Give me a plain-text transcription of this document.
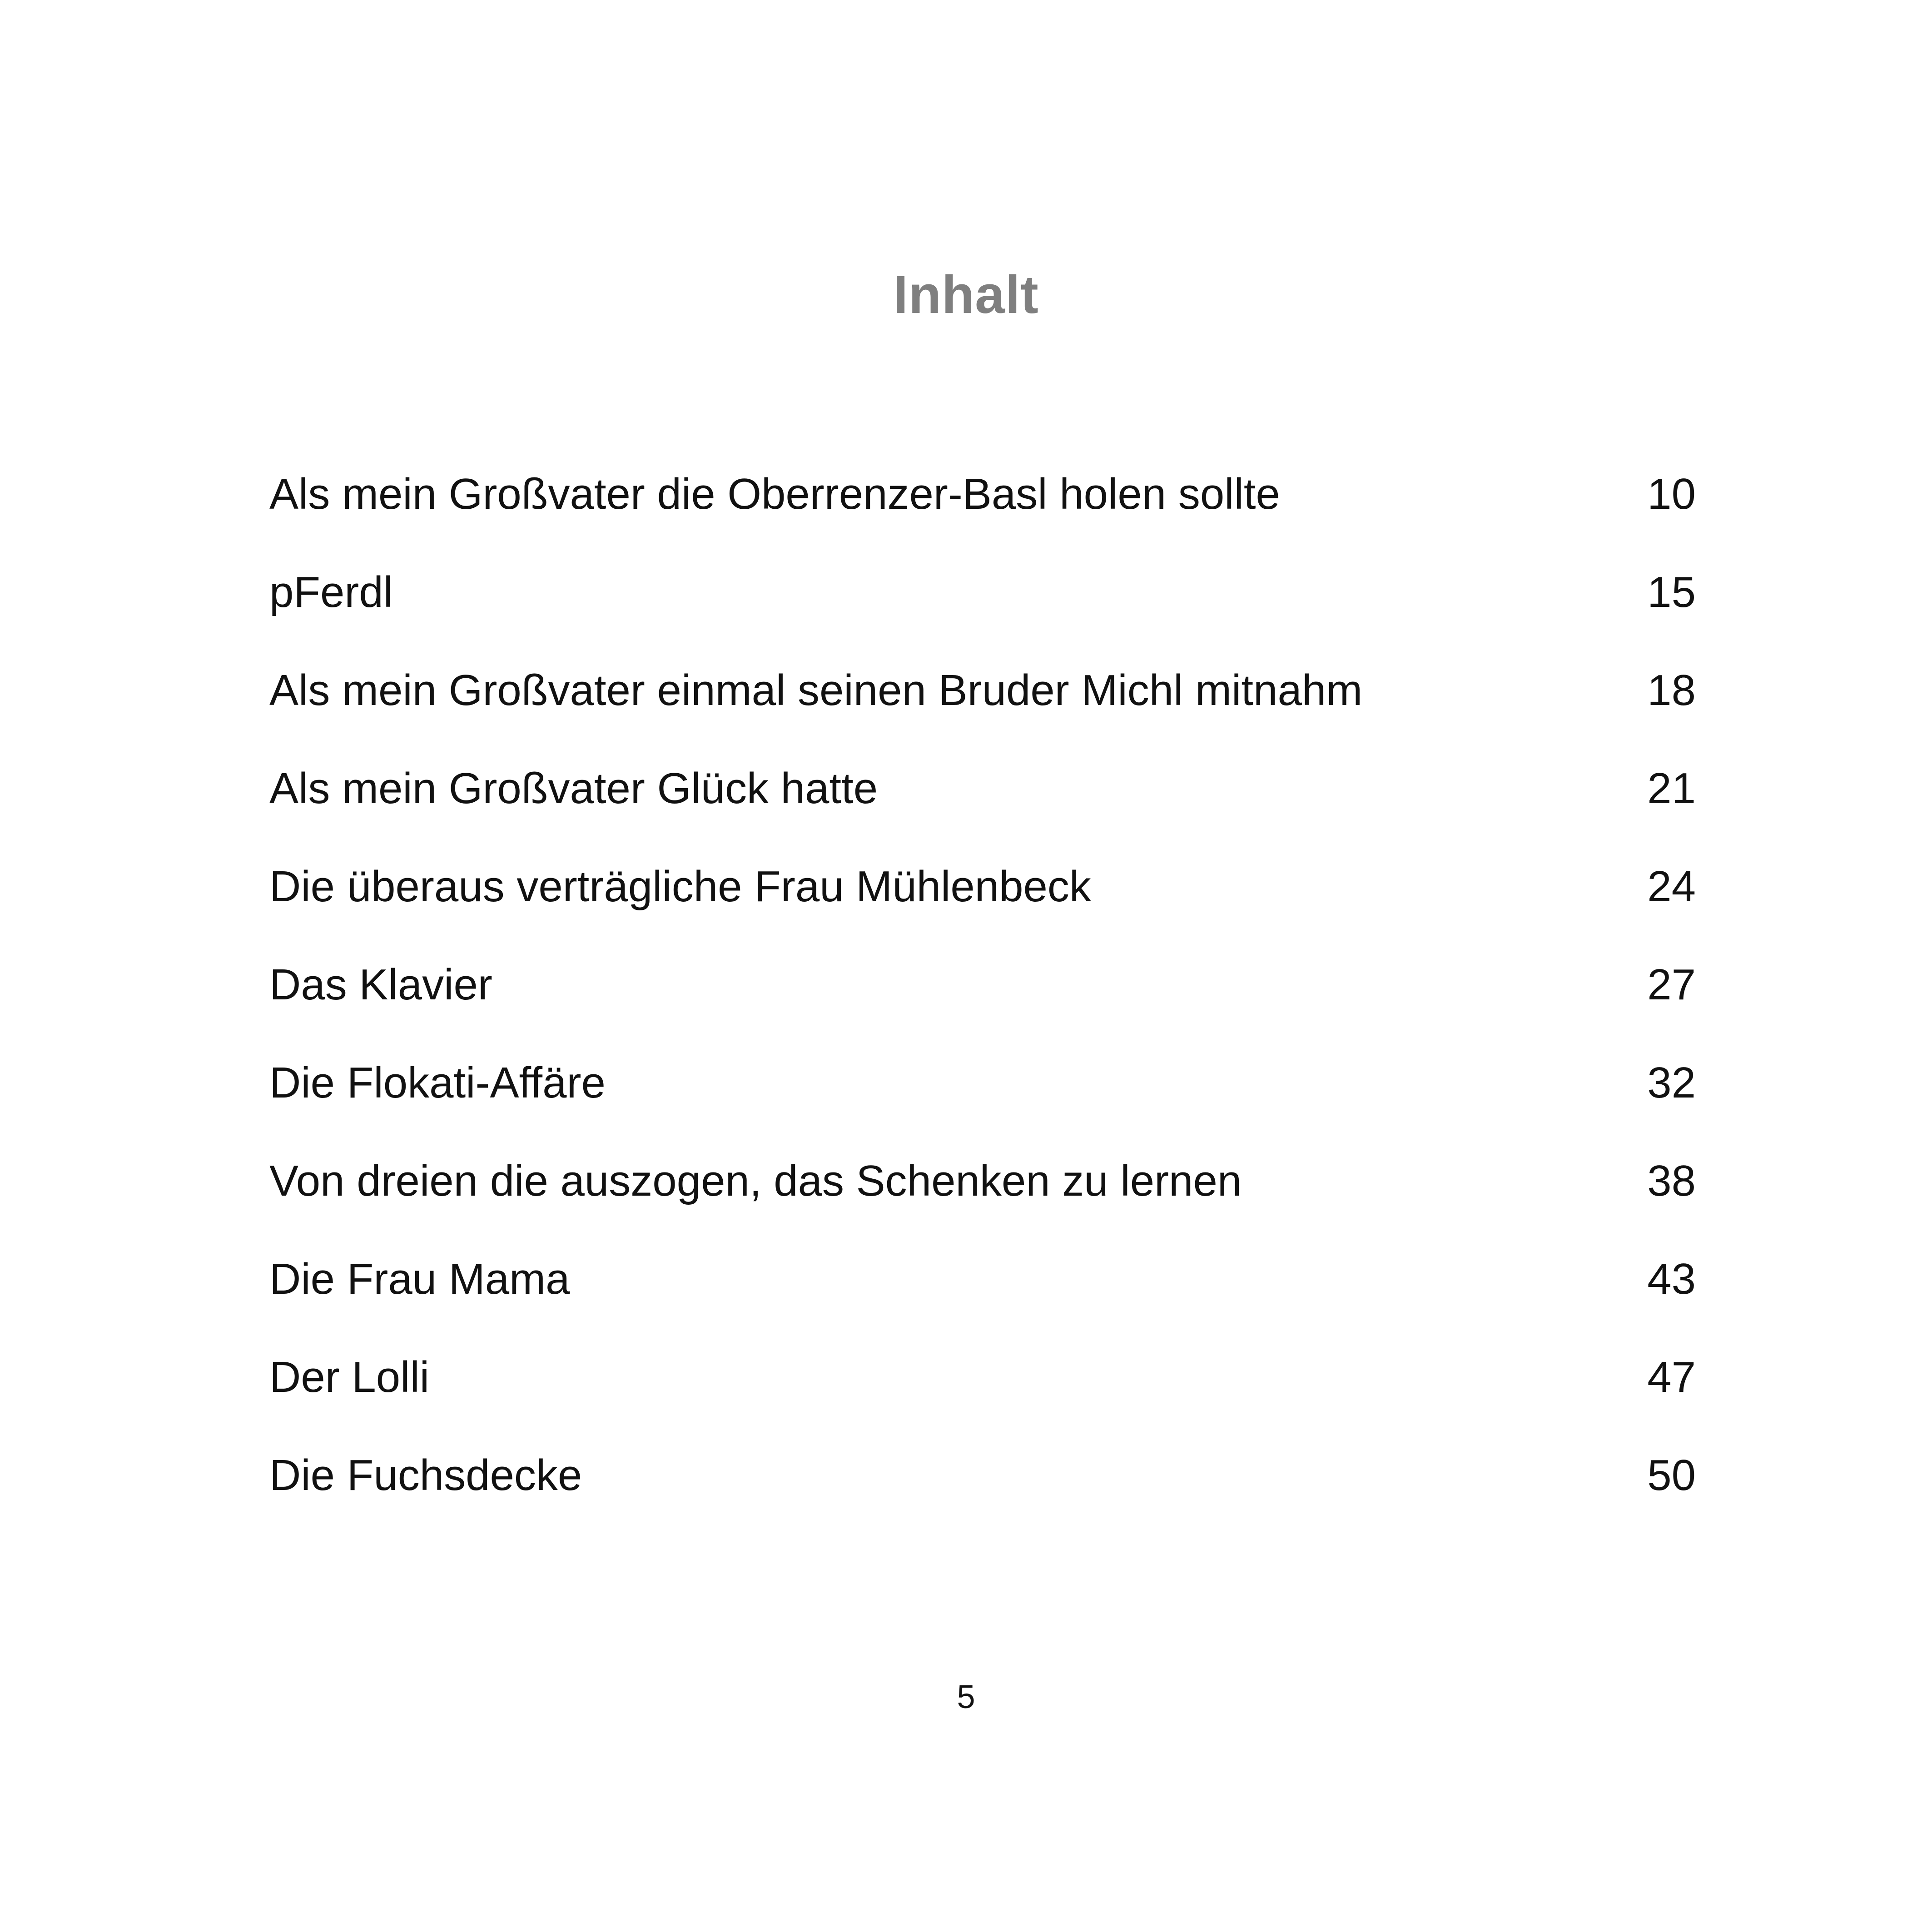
Inhalt
Als mein Großvater die Oberrenzer-Basl holen sollte	10
pFerdl	15
Als mein Großvater einmal seinen Bruder Michl mitnahm	18
Als mein Großvater Glück hatte	21
Die überaus verträgliche Frau Mühlenbeck	24
Das Klavier	27
Die Flokati-Affäre	32
Von dreien die auszogen, das Schenken zu lernen	38
Die Frau Mama	43
Der Lolli	47
Die Fuchsdecke	50
5
